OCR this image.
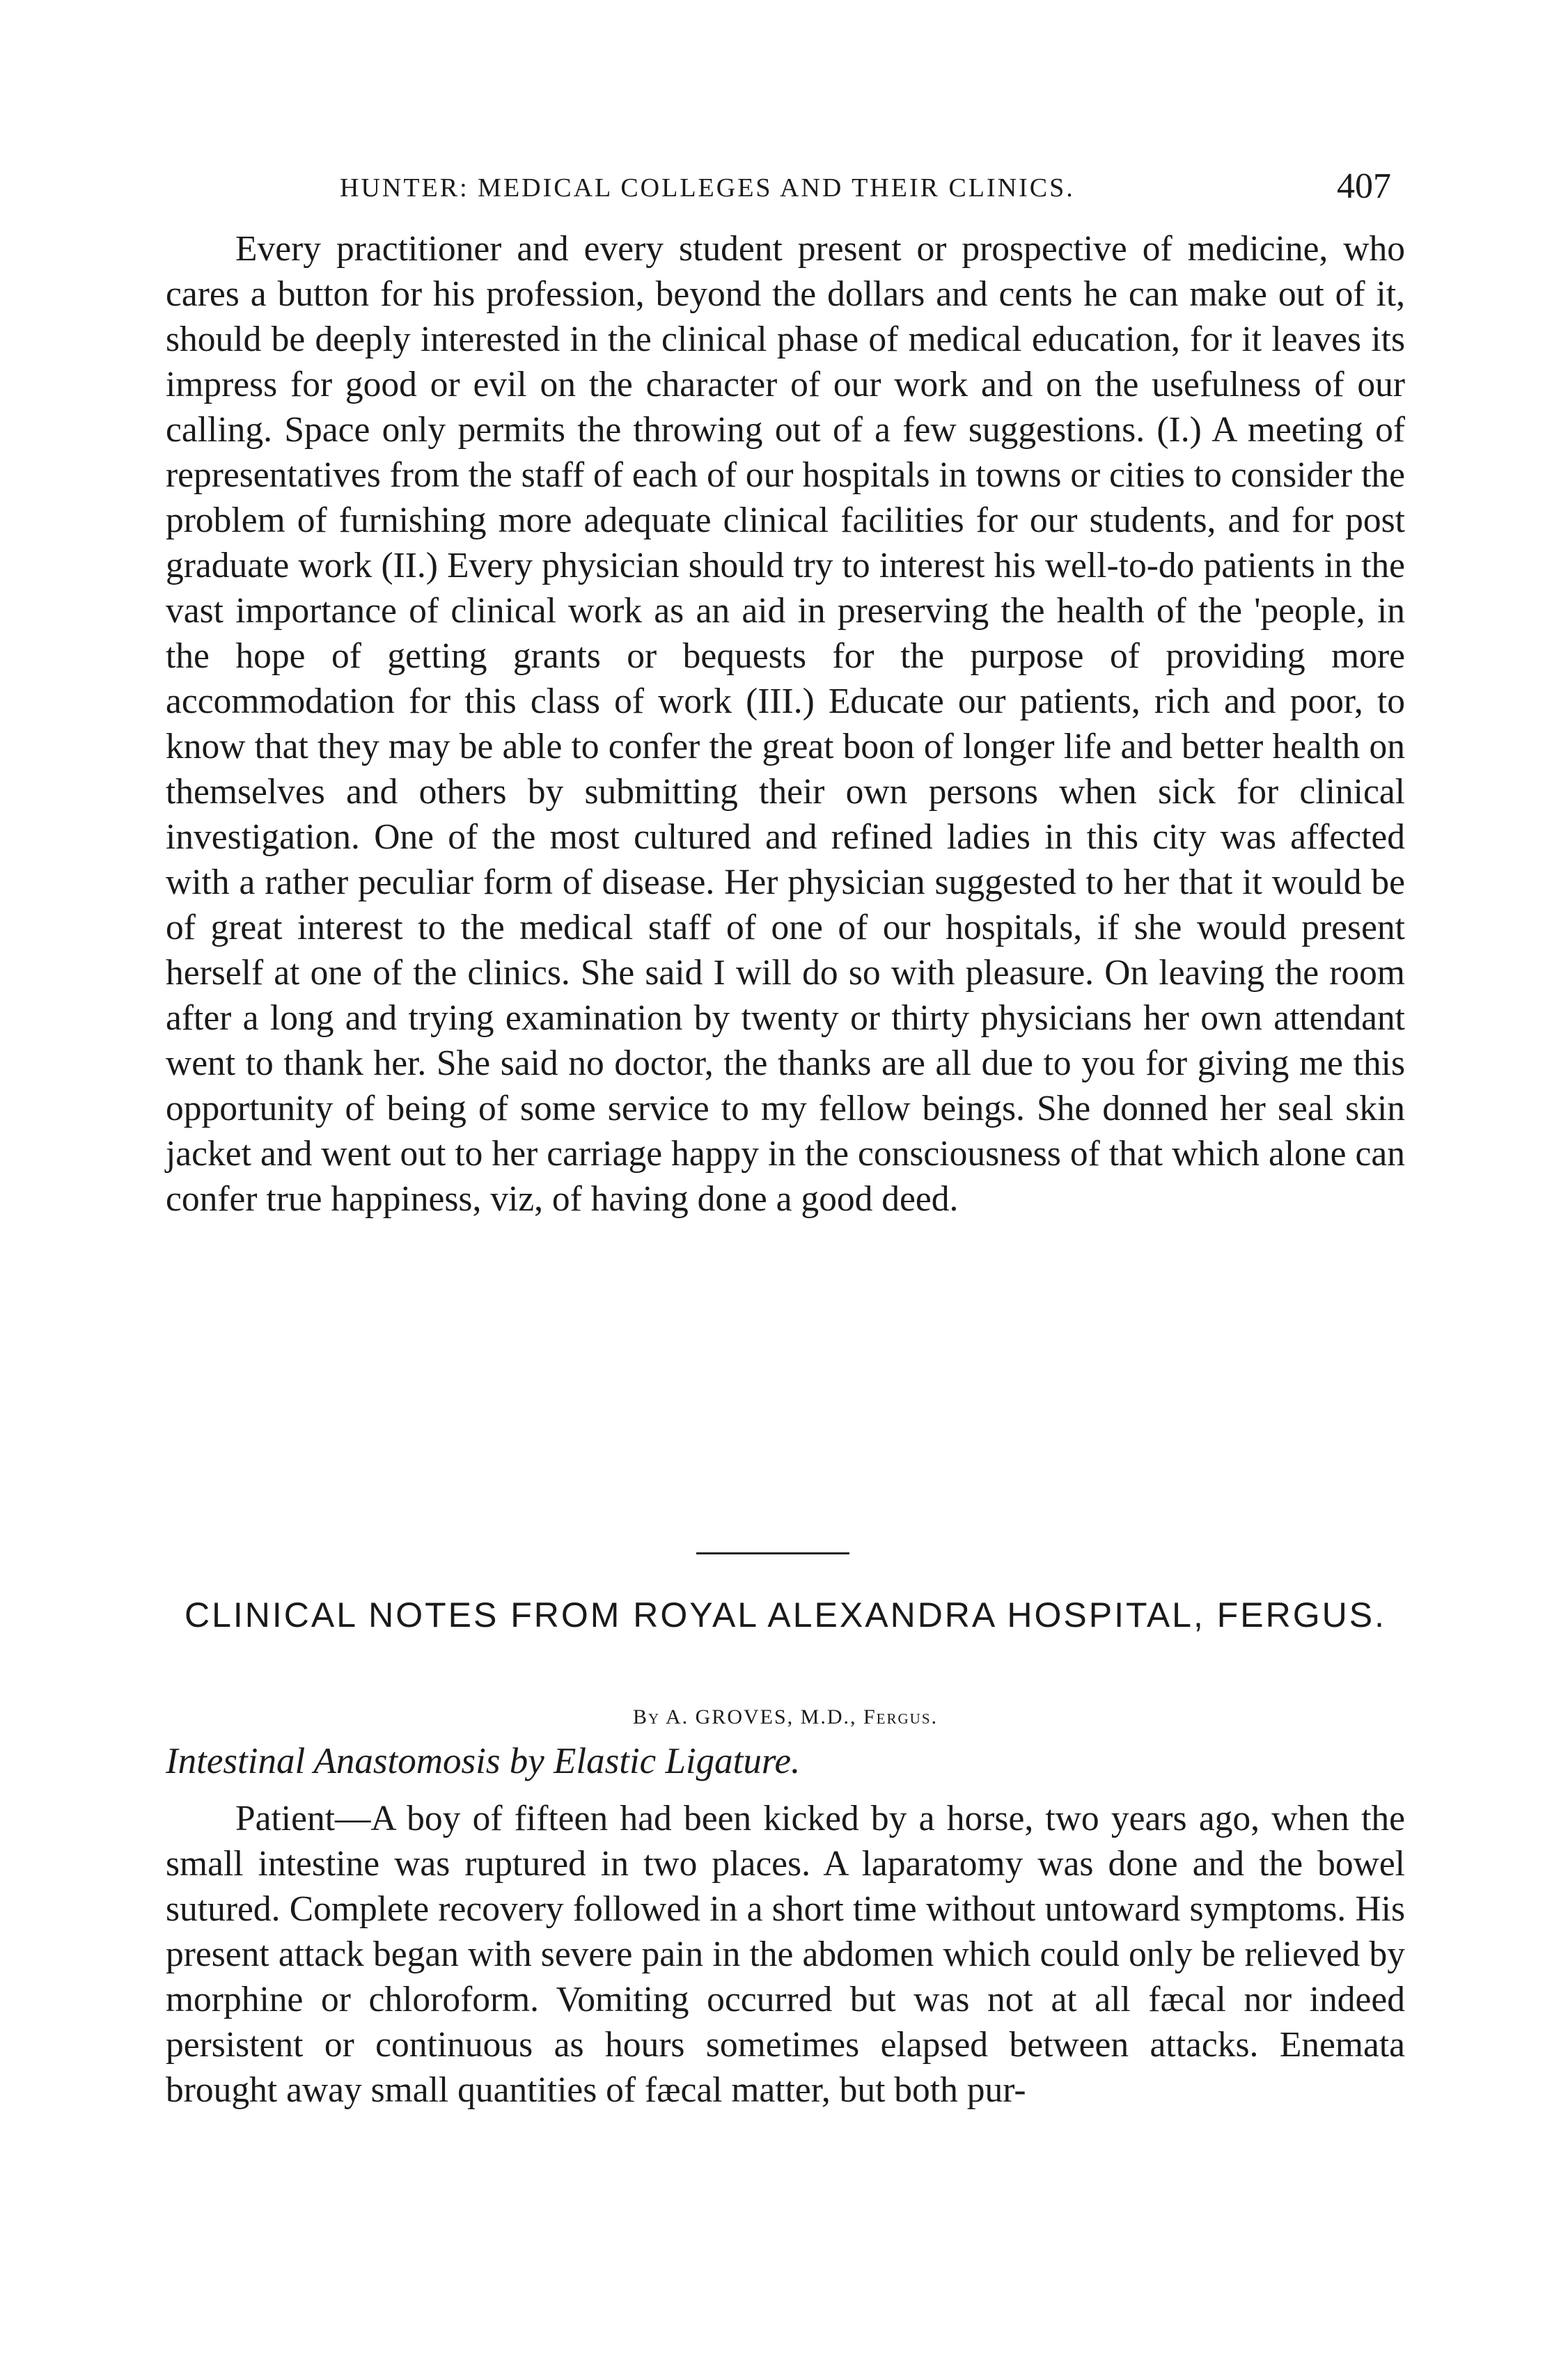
HUNTER: MEDICAL COLLEGES AND THEIR CLINICS.	407

Every practitioner and every student present or prospective of medicine, who cares a button for his profession, beyond the dollars and cents he can make out of it, should be deeply interested in the clinical phase of medical education, for it leaves its impress for good or evil on the character of our work and on the usefulness of our calling. Space only permits the throwing out of a few suggestions. (I.) A meeting of representatives from the staff of each of our hospitals in towns or cities to consider the problem of furnishing more adequate clinical facilities for our students, and for post graduate work (II.) Every physician should try to interest his well-to-do patients in the vast importance of clinical work as an aid in preserving the health of the 'people, in the hope of getting grants or bequests for the purpose of providing more accommodation for this class of work (III.) Educate our patients, rich and poor, to know that they may be able to confer the great boon of longer life and better health on themselves and others by submitting their own persons when sick for clinical investigation. One of the most cultured and refined ladies in this city was affected with a rather peculiar form of disease. Her physician suggested to her that it would be of great interest to the medical staff of one of our hospitals, if she would present herself at one of the clinics. She said I will do so with pleasure. On leaving the room after a long and trying examination by twenty or thirty physicians her own attendant went to thank her. She said no doctor, the thanks are all due to you for giving me this opportunity of being of some service to my fellow beings. She donned her seal skin jacket and went out to her carriage happy in the consciousness of that which alone can confer true happiness, viz, of having done a good deed.

CLINICAL NOTES FROM ROYAL ALEXANDRA HOSPITAL, FERGUS.
By A. GROVES, M.D., Fergus.
Intestinal Anastomosis by Elastic Ligature.

Patient—A boy of fifteen had been kicked by a horse, two years ago, when the small intestine was ruptured in two places. A laparatomy was done and the bowel sutured. Complete recovery followed in a short time without untoward symptoms. His present attack began with severe pain in the abdomen which could only be relieved by morphine or chloroform. Vomiting occurred but was not at all fæcal nor indeed persistent or continuous as hours sometimes elapsed between attacks. Enemata brought away small quantities of fæcal matter, but both pur-
